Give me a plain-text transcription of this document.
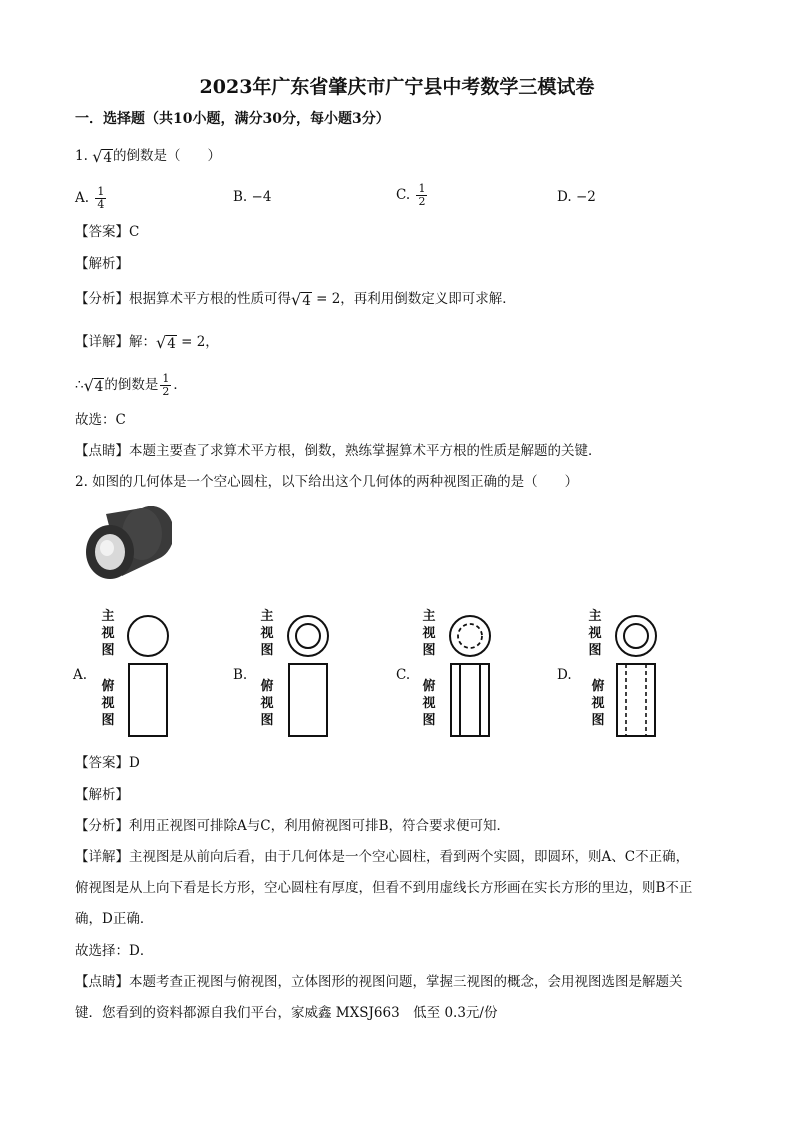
2023年广东省肇庆市广宁县中考数学三模试卷
一．选择题（共10小题，满分30分，每小题3分）
1. √ 4 的倒数是（　　）
A. $\frac{1}{4}$	B. −4	C. $\frac{1}{2}$	D. −2
【答案】C
【解析】
【分析】根据算术平方根的性质可得 √ 4 = 2，再利用倒数定义即可求解．
【详解】解： √ 4 = 2，
∴ √ 4 的倒数是 $\frac{1}{2}$ ．
故选：C
【点睛】本题主要查了求算术平方根，倒数，熟练掌握算术平方根的性质是解题的关键．
2. 如图的几何体是一个空心圆柱，以下给出这个几何体的两种视图正确的是（　　）
A.
主视图
俯视图
B.
主视图
俯视图
C.
主视图
俯视图
D.
主视图
俯视图
【答案】D
【解析】
【分析】利用正视图可排除A与C，利用俯视图可排B，符合要求便可知．
【详解】主视图是从前向后看，由于几何体是一个空心圆柱，看到两个实圆，即圆环，则A、C不正确，
俯视图是从上向下看是长方形，空心圆柱有厚度，但看不到用虚线长方形画在实长方形的里边，则B不正
确，D正确．
故选择：D．
【点睛】本题考查正视图与俯视图，立体图形的视图问题，掌握三视图的概念，会用视图选图是解题关
键．您看到的资料都源自我们平台，家威鑫 MXSJ663　低至 0.3元/份
